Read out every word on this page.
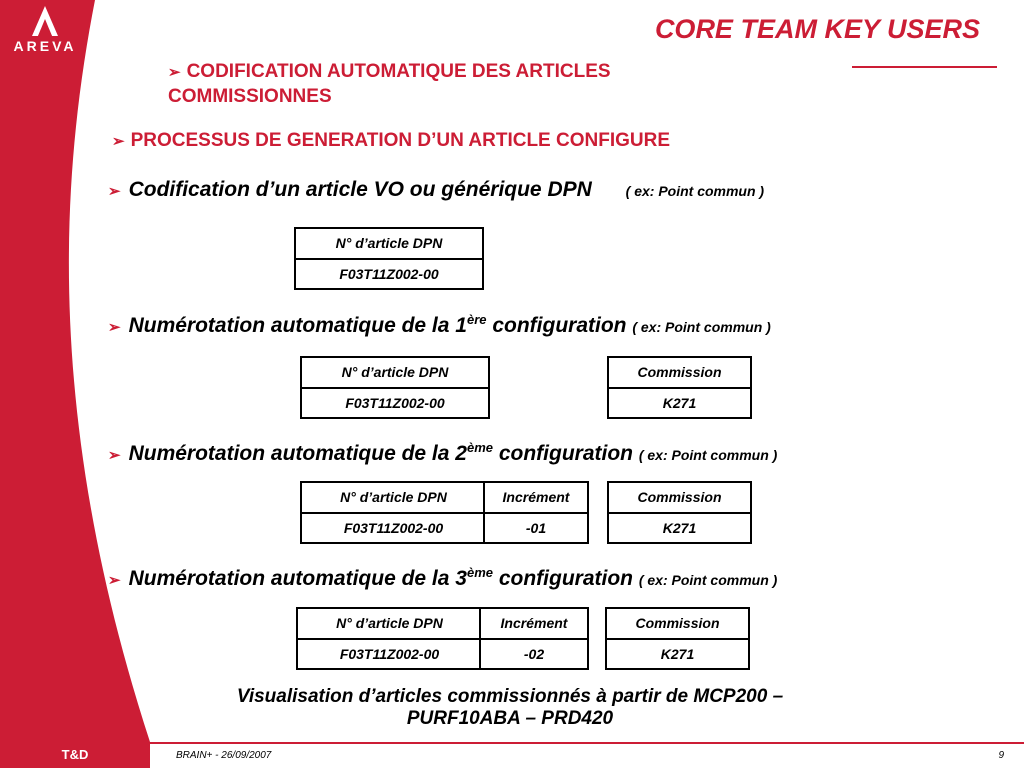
AREVA
CORE TEAM KEY USERS
➢ CODIFICATION AUTOMATIQUE DES ARTICLES
COMMISSIONNES
➢ PROCESSUS DE GENERATION D’UN ARTICLE CONFIGURE
➢ Codification d’un article VO ou générique DPN ( ex: Point commun )
N° d’article DPN
F03T11Z002-00
➢ Numérotation automatique de la 1ère configuration ( ex: Point commun )
N° d’article DPN
F03T11Z002-00
Commission
K271
➢ Numérotation automatique de la 2ème configuration ( ex: Point commun )
N° d’article DPN
F03T11Z002-00
Incrément
-01
Commission
K271
➢ Numérotation automatique de la 3ème configuration ( ex: Point commun )
N° d’article DPN
F03T11Z002-00
Incrément
-02
Commission
K271
Visualisation d’articles commissionnés à partir de MCP200 –
PURF10ABA – PRD420
T&D	BRAIN+ - 26/09/2007	9
